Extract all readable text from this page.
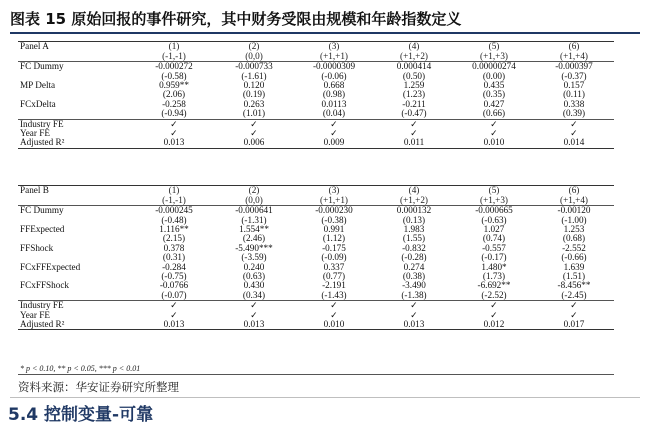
图表 15 原始回报的事件研究，其中财务受限由规模和年龄指数定义
Panel A	(1)	(2)	(3)	(4)	(5)	(6)
	(-1,-1)	(0,0)	(+1,+1)	(+1,+2)	(+1,+3)	(+1,+4)
FC Dummy	-0.000272	-0.000733	-0.0000309	0.000414	0.00000274	-0.000397
	(-0.58)	(-1.61)	(-0.06)	(0.50)	(0.00)	(-0.37)
MP Delta	0.959**	0.120	0.668	1.259	0.435	0.157
	(2.06)	(0.19)	(0.98)	(1.23)	(0.35)	(0.11)
FCxDelta	-0.258	0.263	0.0113	-0.211	0.427	0.338
	(-0.94)	(1.01)	(0.04)	(-0.47)	(0.66)	(0.39)
Industry FE	✓	✓	✓	✓	✓	✓
Year FE	✓	✓	✓	✓	✓	✓
Adjusted R²	0.013	0.006	0.009	0.011	0.010	0.014

Panel B	(1)	(2)	(3)	(4)	(5)	(6)
	(-1,-1)	(0,0)	(+1,+1)	(+1,+2)	(+1,+3)	(+1,+4)
FC Dummy	-0.000245	-0.000641	-0.000230	0.000132	-0.000665	-0.00120
	(-0.48)	(-1.31)	(-0.38)	(0.13)	(-0.63)	(-1.00)
FFExpected	1.116**	1.554**	0.991	1.983	1.027	1.253
	(2.15)	(2.46)	(1.12)	(1.55)	(0.74)	(0.68)
FFShock	0.378	-5.490***	-0.175	-0.832	-0.557	-2.552
	(0.31)	(-3.59)	(-0.09)	(-0.28)	(-0.17)	(-0.66)
FCxFFExpected	-0.284	0.240	0.337	0.274	1.480*	1.639
	(-0.75)	(0.63)	(0.77)	(0.38)	(1.73)	(1.51)
FCxFFShock	-0.0766	0.430	-2.191	-3.490	-6.692**	-8.456**
	(-0.07)	(0.34)	(-1.43)	(-1.38)	(-2.52)	(-2.45)
Industry FE	✓	✓	✓	✓	✓	✓
Year FE	✓	✓	✓	✓	✓	✓
Adjusted R²	0.013	0.013	0.010	0.013	0.012	0.017

* p < 0.10, ** p < 0.05, *** p < 0.01
资料来源：华安证券研究所整理
5.4 控制变量-可靠
